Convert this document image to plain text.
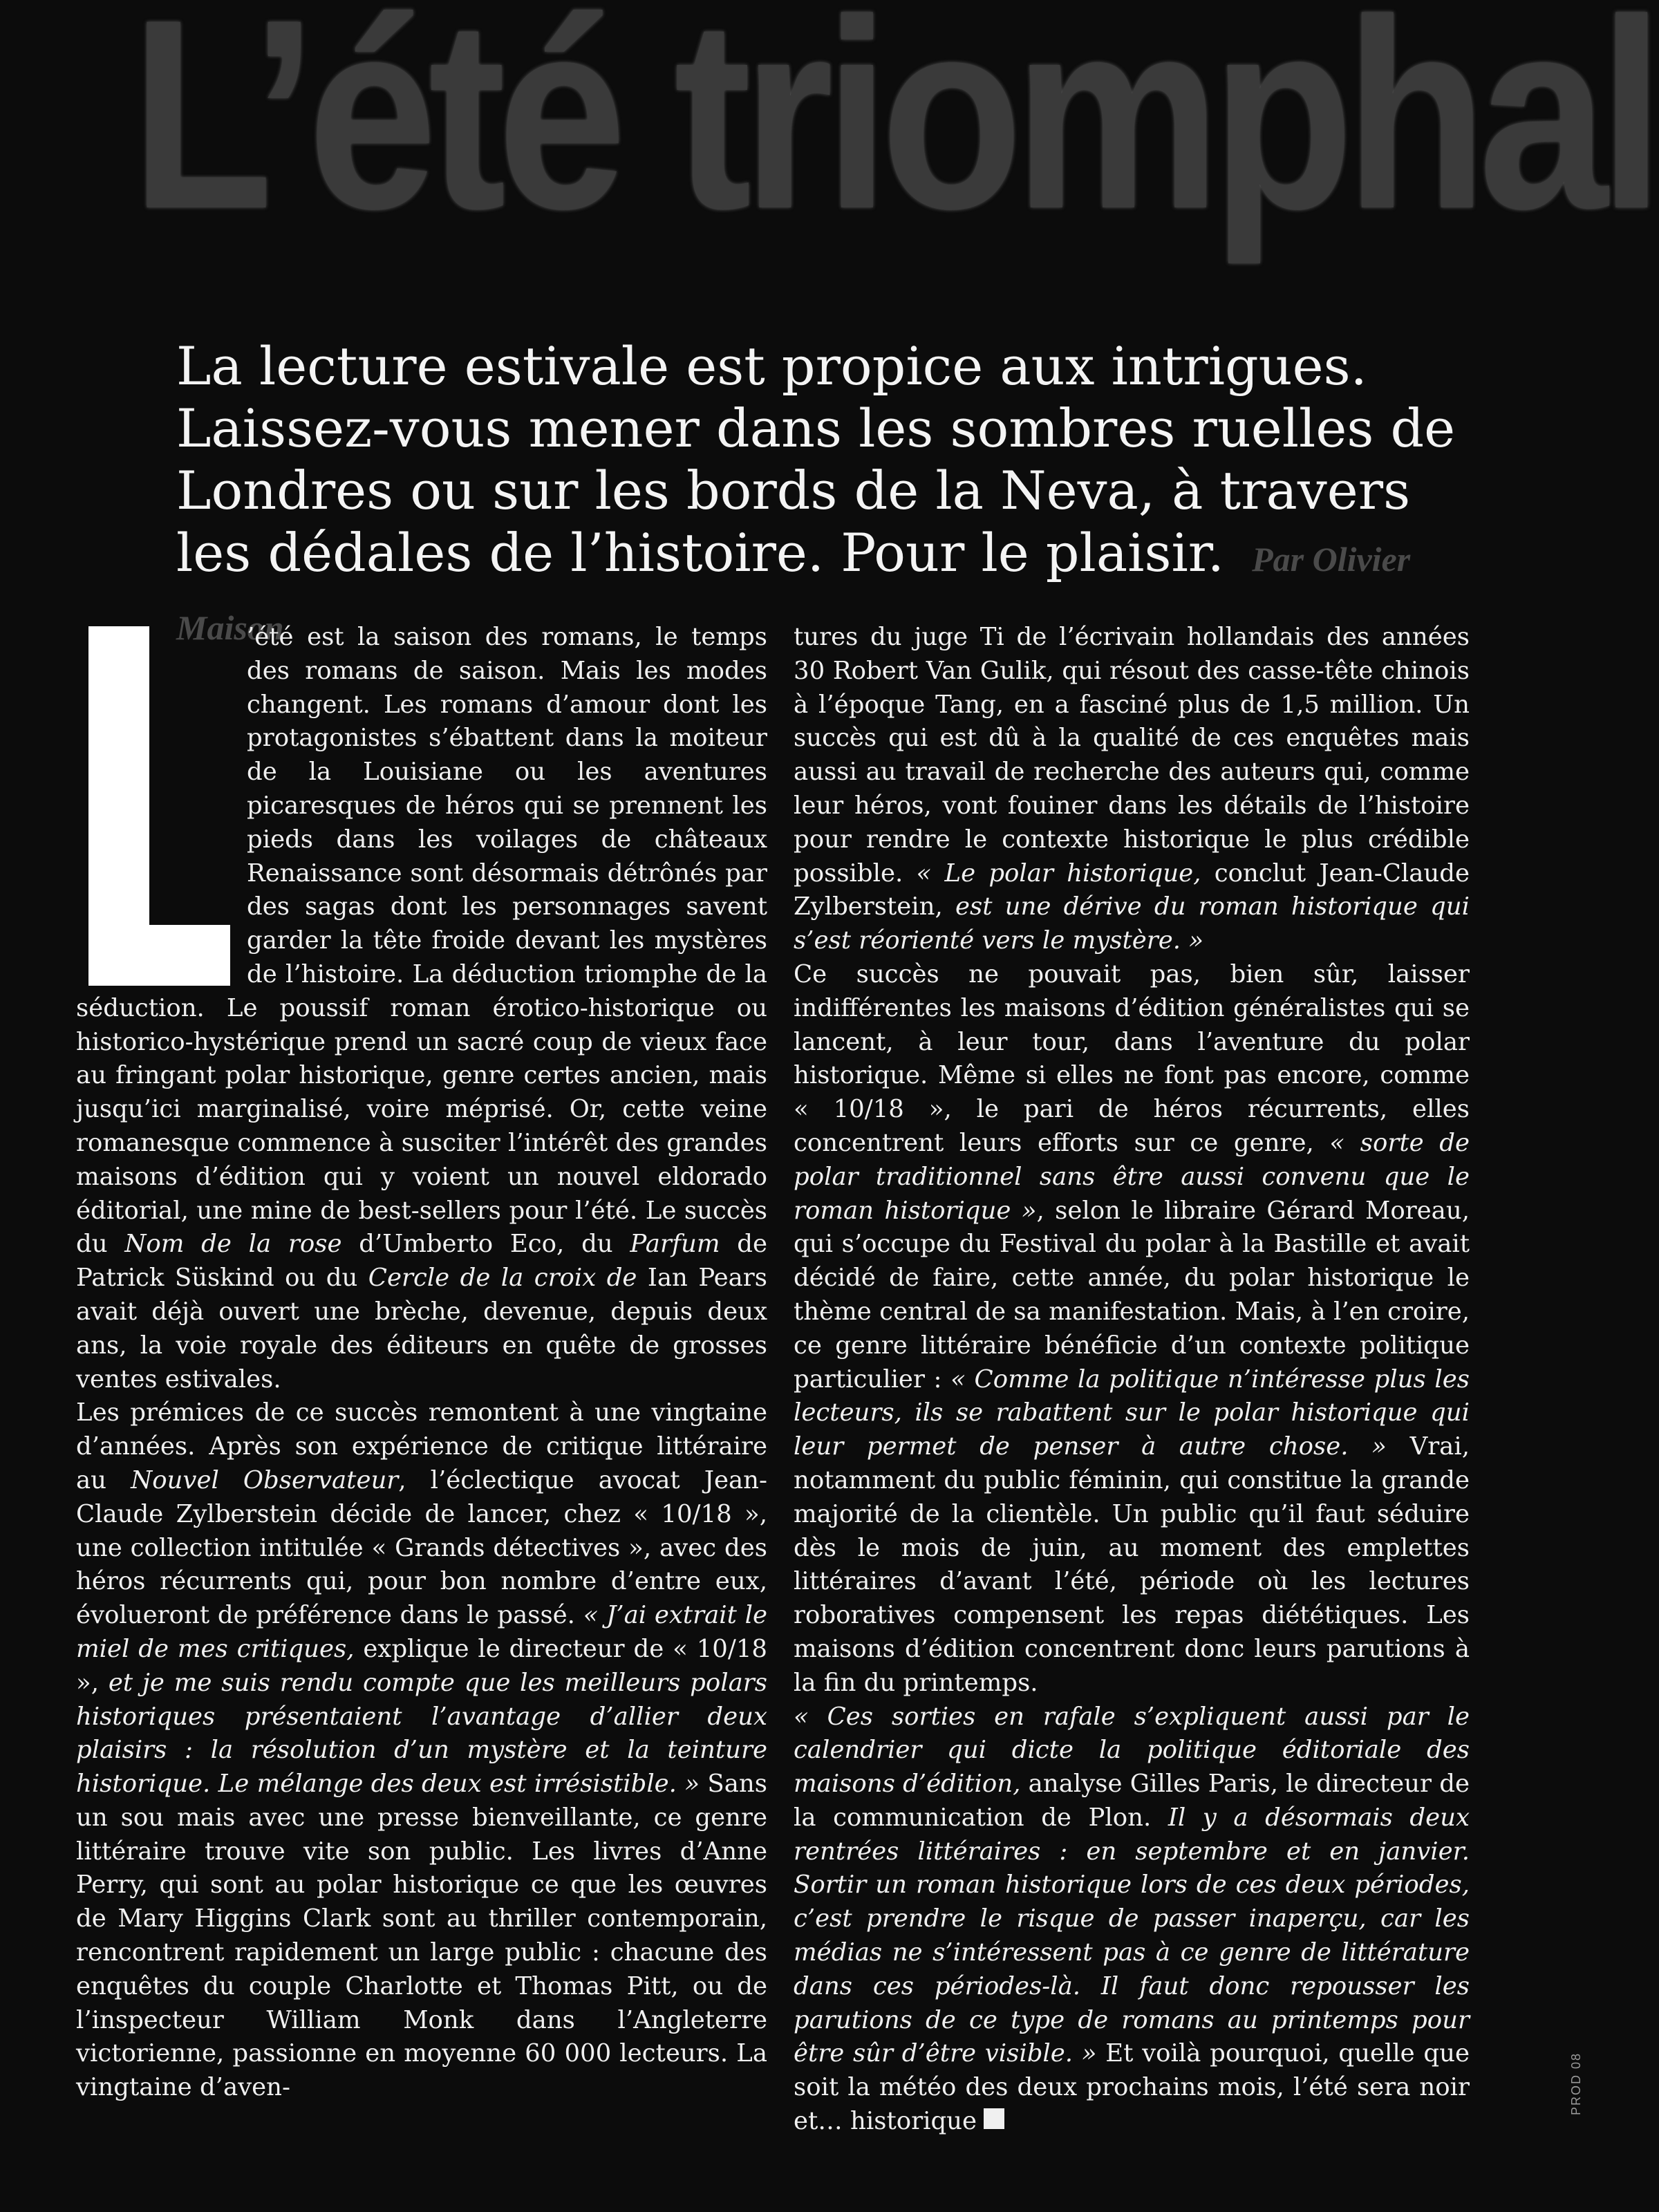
L’été triomphal
La lecture estivale est propice aux intrigues. Laissez-vous mener dans les sombres ruelles de Londres ou sur les bords de la Neva, à travers les dédales de l’histoire. Pour le plaisir. Par Olivier Maison

’été est la saison des romans, le temps des romans de saison. Mais les modes changent. Les romans d’amour dont les protagonistes s’ébattent dans la moiteur de la Louisiane ou les aventures picaresques de héros qui se prennent les pieds dans les voilages de châteaux Renaissance sont désormais détrônés par des sagas dont les personnages savent garder la tête froide devant les mystères de l’histoire. La déduction triomphe de la séduction. Le poussif roman érotico-historique ou historico-hystérique prend un sacré coup de vieux face au fringant polar historique, genre certes ancien, mais jusqu’ici marginalisé, voire méprisé. Or, cette veine romanesque commence à susciter l’intérêt des grandes maisons d’édition qui y voient un nouvel eldorado éditorial, une mine de best-sellers pour l’été. Le succès du Nom de la rose d’Umberto Eco, du Parfum de Patrick Süskind ou du Cercle de la croix de Ian Pears avait déjà ouvert une brèche, devenue, depuis deux ans, la voie royale des éditeurs en quête de grosses ventes estivales.

Les prémices de ce succès remontent à une vingtaine d’années. Après son expérience de critique littéraire au Nouvel Observateur, l’éclectique avocat Jean-Claude Zylberstein décide de lancer, chez « 10/18 », une collection intitulée « Grands détectives », avec des héros récurrents qui, pour bon nombre d’entre eux, évolueront de préférence dans le passé. « J’ai extrait le miel de mes critiques, explique le directeur de « 10/18 », et je me suis rendu compte que les meilleurs polars historiques présentaient l’avantage d’allier deux plaisirs : la résolution d’un mystère et la teinture historique. Le mélange des deux est irrésistible. » Sans un sou mais avec une presse bienveillante, ce genre littéraire trouve vite son public. Les livres d’Anne Perry, qui sont au polar historique ce que les œuvres de Mary Higgins Clark sont au thriller contemporain, rencontrent rapidement un large public : chacune des enquêtes du couple Charlotte et Thomas Pitt, ou de l’inspecteur William Monk dans l’Angleterre victorienne, passionne en moyenne 60 000 lecteurs. La vingtaine d’aven-

tures du juge Ti de l’écrivain hollandais des années 30 Robert Van Gulik, qui résout des casse-tête chinois à l’époque Tang, en a fasciné plus de 1,5 million. Un succès qui est dû à la qualité de ces enquêtes mais aussi au travail de recherche des auteurs qui, comme leur héros, vont fouiner dans les détails de l’histoire pour rendre le contexte historique le plus crédible possible. « Le polar historique, conclut Jean-Claude Zylberstein, est une dérive du roman historique qui s’est réorienté vers le mystère. »

Ce succès ne pouvait pas, bien sûr, laisser indifférentes les maisons d’édition généralistes qui se lancent, à leur tour, dans l’aventure du polar historique. Même si elles ne font pas encore, comme « 10/18 », le pari de héros récurrents, elles concentrent leurs efforts sur ce genre, « sorte de polar traditionnel sans être aussi convenu que le roman historique », selon le libraire Gérard Moreau, qui s’occupe du Festival du polar à la Bastille et avait décidé de faire, cette année, du polar historique le thème central de sa manifestation. Mais, à l’en croire, ce genre littéraire bénéficie d’un contexte politique particulier : « Comme la politique n’intéresse plus les lecteurs, ils se rabattent sur le polar historique qui leur permet de penser à autre chose. » Vrai, notamment du public féminin, qui constitue la grande majorité de la clientèle. Un public qu’il faut séduire dès le mois de juin, au moment des emplettes littéraires d’avant l’été, période où les lectures roboratives compensent les repas diététiques. Les maisons d’édition concentrent donc leurs parutions à la fin du printemps.

« Ces sorties en rafale s’expliquent aussi par le calendrier qui dicte la politique éditoriale des maisons d’édition, analyse Gilles Paris, le directeur de la communication de Plon. Il y a désormais deux rentrées littéraires : en septembre et en janvier. Sortir un roman historique lors de ces deux périodes, c’est prendre le risque de passer inaperçu, car les médias ne s’intéressent pas à ce genre de littérature dans ces périodes-là. Il faut donc repousser les parutions de ce type de romans au printemps pour être sûr d’être visible. » Et voilà pourquoi, quelle que soit la météo des deux prochains mois, l’été sera noir et… historique

PROD 08
